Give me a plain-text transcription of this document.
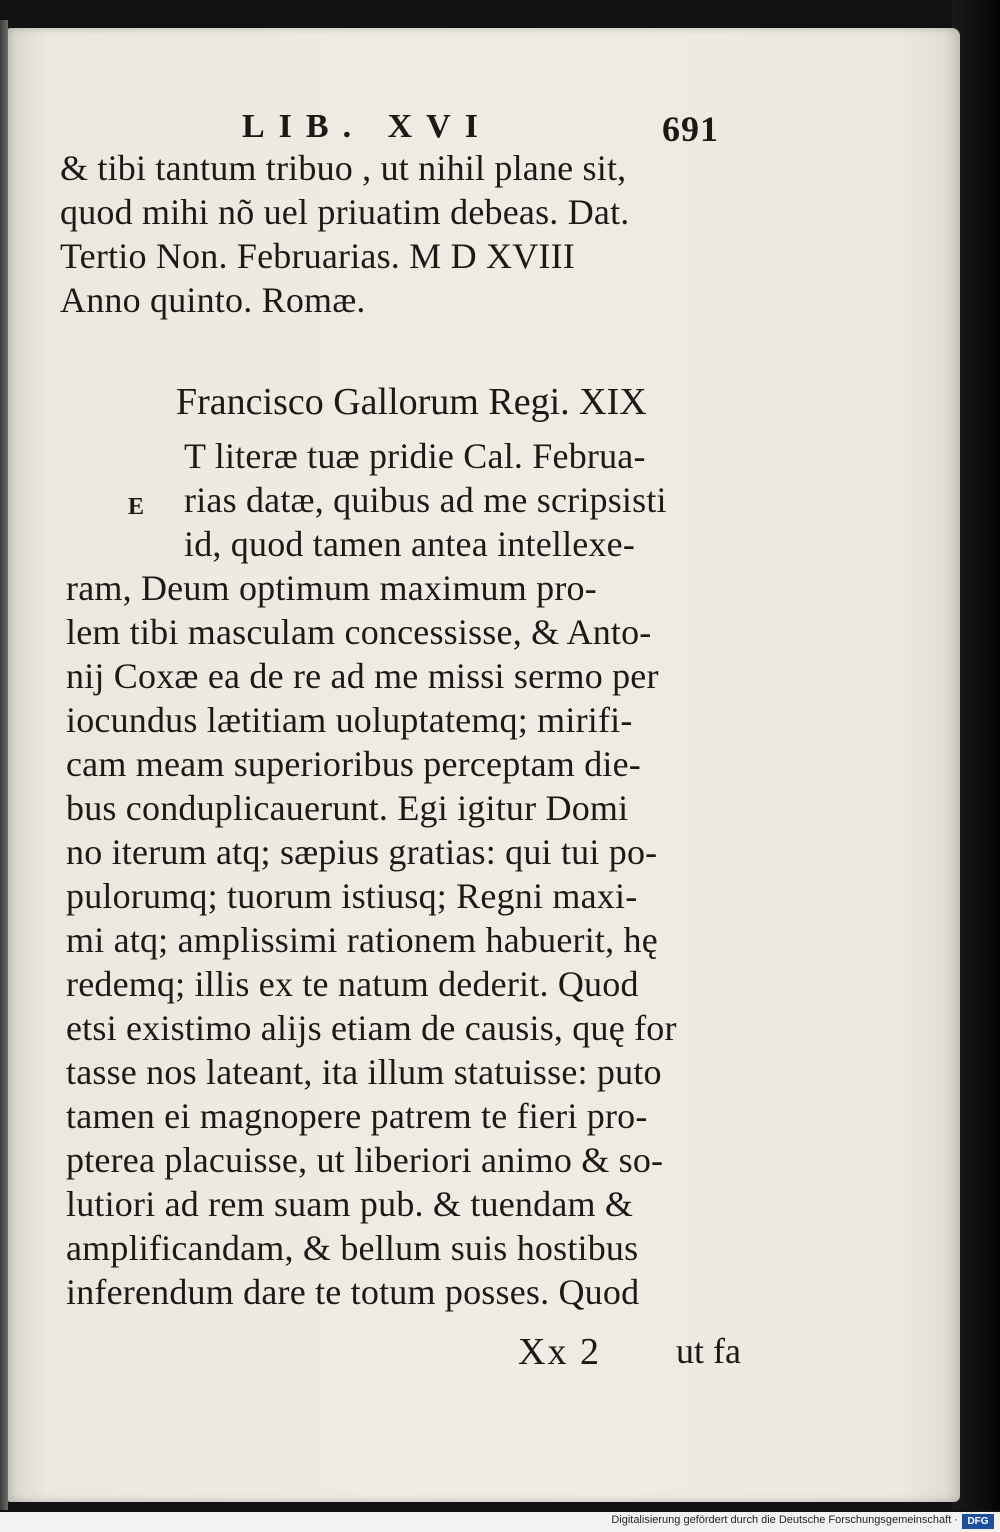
LIB. XVI	691
& tibi tantum tribuo , ut nihil plane sit,
quod mihi nõ uel priuatim debeas. Dat.
Tertio Non. Februarias. M D XVIII
Anno quinto. Romæ.
Francisco Gallorum Regi. XIX
E
T literæ tuæ pridie Cal. Februa-
rias datæ, quibus ad me scripsisti
id, quod tamen antea intellexe-
ram, Deum optimum maximum pro-
lem tibi masculam concessisse, & Anto-
nij Coxæ ea de re ad me missi sermo per
iocundus lætitiam uoluptatemq; mirifi-
cam meam superioribus perceptam die-
bus conduplicauerunt. Egi igitur Domi
no iterum atq; sæpius gratias: qui tui po-
pulorumq; tuorum istiusq; Regni maxi-
mi atq; amplissimi rationem habuerit, hę
redemq; illis ex te natum dederit. Quod
etsi existimo alijs etiam de causis, quę for
tasse nos lateant, ita illum statuisse: puto
tamen ei magnopere patrem te fieri pro-
pterea placuisse, ut liberiori animo & so-
lutiori ad rem suam pub. & tuendam &
amplificandam, & bellum suis hostibus
inferendum dare te totum posses. Quod
Xx 2 ut fa
Digitalisierung gefördert durch die Deutsche Forschungsgemeinschaft · DFG
